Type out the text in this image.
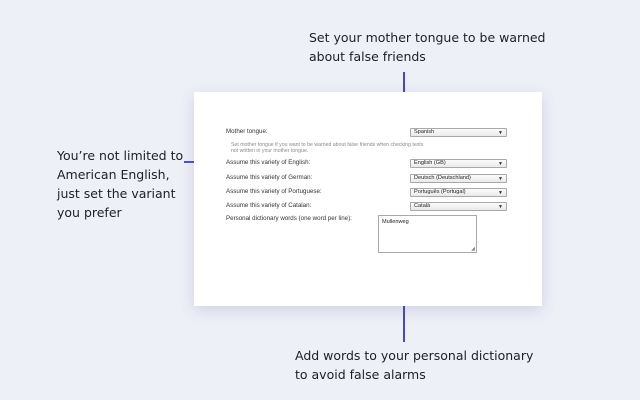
Set your mother tongue to be warned about false friends
You’re not limited to American English, just set the variant you prefer
Add words to your personal dictionary to avoid false alarms
Mother tongue:	Spanish	▼
Set mother tongue if you want to be warned about false friends when checking texts not written in your mother tongue.
Assume this variety of English:	English (GB)	▼
Assume this variety of German:	Deutsch (Deutschland)	▼
Assume this variety of Portuguese:	Português (Portugal)	▼
Assume this variety of Catalan:	Català	▼
Personal dictionary words (one word per line):	Mullenweg
◢
